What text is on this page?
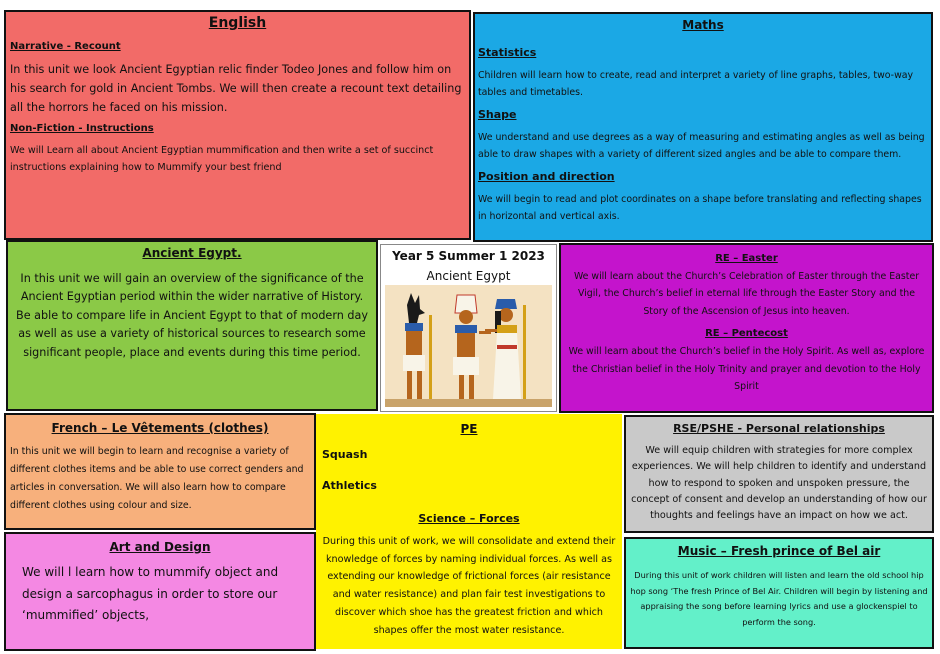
English
Narrative - Recount

In this unit we look Ancient Egyptian relic finder Todeo Jones and follow him on his search for gold in Ancient Tombs. We will then create a recount text detailing all the horrors he faced on his mission.

Non-Fiction - Instructions

We will Learn all about Ancient Egyptian mummification and then write a set of succinct instructions explaining how to Mummify your best friend

Maths
Statistics

Children will learn how to create, read and interpret a variety of line graphs, tables, two-way tables and timetables.

Shape

We understand and use degrees as a way of measuring and estimating angles as well as being able to draw shapes with a variety of different sized angles and be able to compare them.

Position and direction

We will begin to read and plot coordinates on a shape before translating and reflecting shapes in horizontal and vertical axis.

Ancient Egypt.

In this unit we will gain an overview of the significance of the Ancient Egyptian period within the wider narrative of History. Be able to compare life in Ancient Egypt to that of modern day as well as use a variety of historical sources to research some significant people, place and events during this time period.

Year 5 Summer 1 2023
Ancient Egypt
RE – Easter

We will learn about the Church’s Celebration of Easter through the Easter Vigil, the Church’s belief in eternal life through the Easter Story and the Story of the Ascension of Jesus into heaven.

RE – Pentecost

We will learn about the Church’s belief in the Holy Spirit. As well as, explore the Christian belief in the Holy Trinity and prayer and devotion to the Holy Spirit

French – Le Vêtements (clothes)

In this unit we will begin to learn and recognise a variety of different clothes items and be able to use correct genders and articles in conversation. We will also learn how to compare different clothes using colour and size.

PE
Squash
Athletics
Science – Forces

During this unit of work, we will consolidate and extend their knowledge of forces by naming individual forces. As well as extending our knowledge of frictional forces (air resistance and water resistance) and plan fair test investigations to discover which shoe has the greatest friction and which shapes offer the most water resistance.

RSE/PSHE - Personal relationships

We will equip children with strategies for more complex experiences. We will help children to identify and understand how to respond to spoken and unspoken pressure, the concept of consent and develop an understanding of how our thoughts and feelings have an impact on how we act.

Art and Design

We will l learn how to mummify object and design a sarcophagus in order to store our ‘mummified’ objects,

Music – Fresh prince of Bel air

During this unit of work children will listen and learn the old school hip hop song ‘The fresh Prince of Bel Air. Children will begin by listening and appraising the song before learning lyrics and use a glockenspiel to perform the song.
